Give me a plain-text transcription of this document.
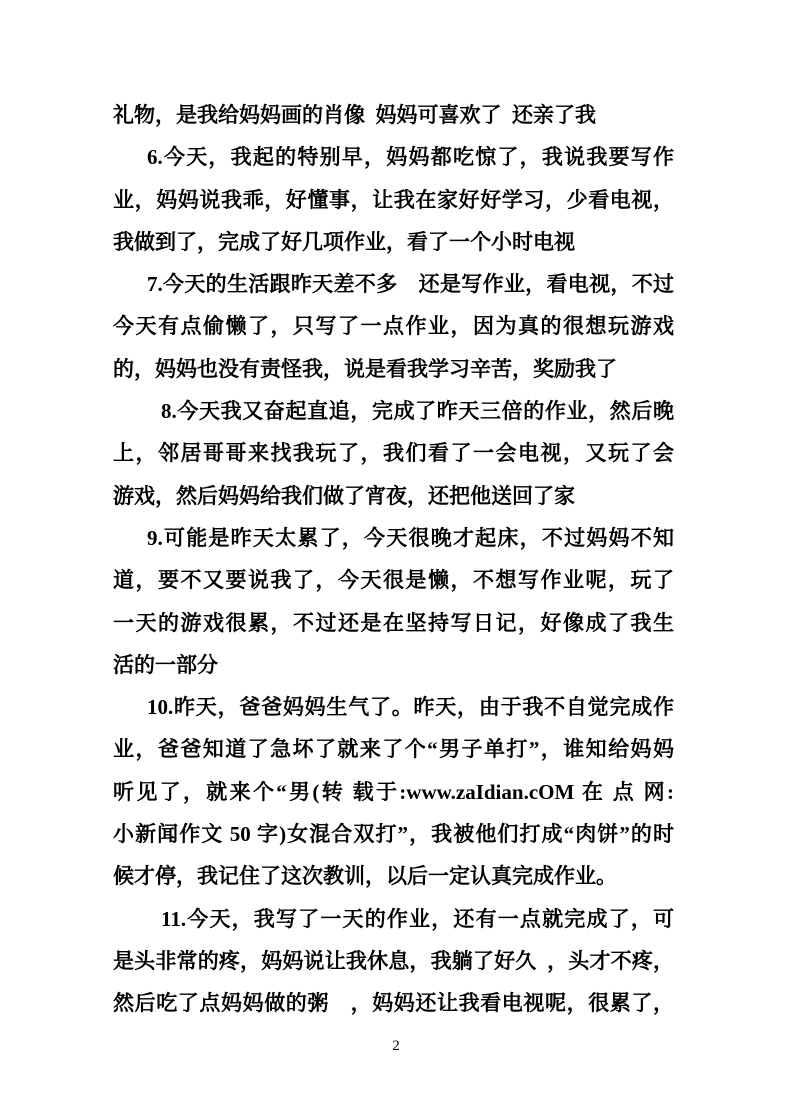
礼物，是我给妈妈画的肖像 妈妈可喜欢了 还亲了我
6.今天，我起的特别早，妈妈都吃惊了，我说我要写作
业，妈妈说我乖，好懂事，让我在家好好学习，少看电视，
我做到了，完成了好几项作业，看了一个小时电视
7.今天的生活跟昨天差不多　还是写作业，看电视，不过
今天有点偷懒了，只写了一点作业，因为真的很想玩游戏
的，妈妈也没有责怪我，说是看我学习辛苦，奖励我了
8.今天我又奋起直追，完成了昨天三倍的作业，然后晚
上，邻居哥哥来找我玩了，我们看了一会电视，又玩了会
游戏，然后妈妈给我们做了宵夜，还把他送回了家
9.可能是昨天太累了，今天很晚才起床，不过妈妈不知
道，要不又要说我了，今天很是懒，不想写作业呢，玩了
一天的游戏很累，不过还是在坚持写日记，好像成了我生
活的一部分
10.昨天，爸爸妈妈生气了。昨天，由于我不自觉完成作
业，爸爸知道了急坏了就来了个“男子单打”，谁知给妈妈
听见了，就来个“男(转 载于:www.zaIdian.cOM 在 点 网:
小新闻作文 50 字)女混合双打”，我被他们打成“肉饼”的时
候才停，我记住了这次教训，以后一定认真完成作业。
11.今天，我写了一天的作业，还有一点就完成了，可
是头非常的疼，妈妈说让我休息，我躺了好久 ，头才不疼，
然后吃了点妈妈做的粥　，妈妈还让我看电视呢，很累了，
2
